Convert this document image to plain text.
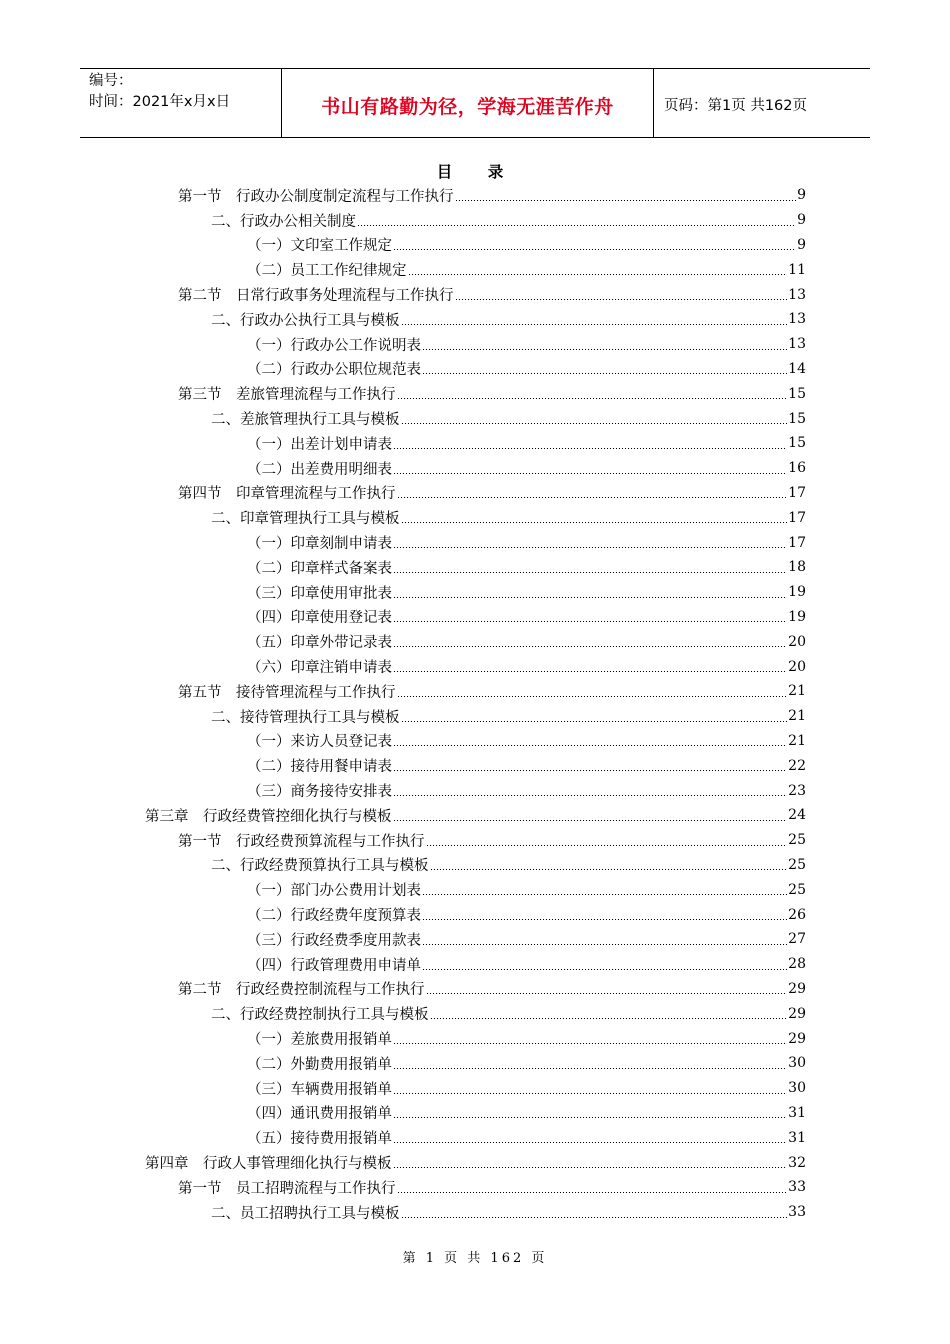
编号：
时间：2021年x月x日	书山有路勤为径，学海无涯苦作舟	页码：第1页 共162页
目　录
第一节　行政办公制度制定流程与工作执行	9
二、行政办公相关制度	9
（一）文印室工作规定	9
（二）员工工作纪律规定	11
第二节　日常行政事务处理流程与工作执行	13
二、行政办公执行工具与模板	13
（一）行政办公工作说明表	13
（二）行政办公职位规范表	14
第三节　差旅管理流程与工作执行	15
二、差旅管理执行工具与模板	15
（一）出差计划申请表	15
（二）出差费用明细表	16
第四节　印章管理流程与工作执行	17
二、印章管理执行工具与模板	17
（一）印章刻制申请表	17
（二）印章样式备案表	18
（三）印章使用审批表	19
（四）印章使用登记表	19
（五）印章外带记录表	20
（六）印章注销申请表	20
第五节　接待管理流程与工作执行	21
二、接待管理执行工具与模板	21
（一）来访人员登记表	21
（二）接待用餐申请表	22
（三）商务接待安排表	23
第三章　行政经费管控细化执行与模板	24
第一节　行政经费预算流程与工作执行	25
二、行政经费预算执行工具与模板	25
（一）部门办公费用计划表	25
（二）行政经费年度预算表	26
（三）行政经费季度用款表	27
（四）行政管理费用申请单	28
第二节　行政经费控制流程与工作执行	29
二、行政经费控制执行工具与模板	29
（一）差旅费用报销单	29
（二）外勤费用报销单	30
（三）车辆费用报销单	30
（四）通讯费用报销单	31
（五）接待费用报销单	31
第四章　行政人事管理细化执行与模板	32
第一节　员工招聘流程与工作执行	33
二、员工招聘执行工具与模板	33
第 1 页 共 162 页
